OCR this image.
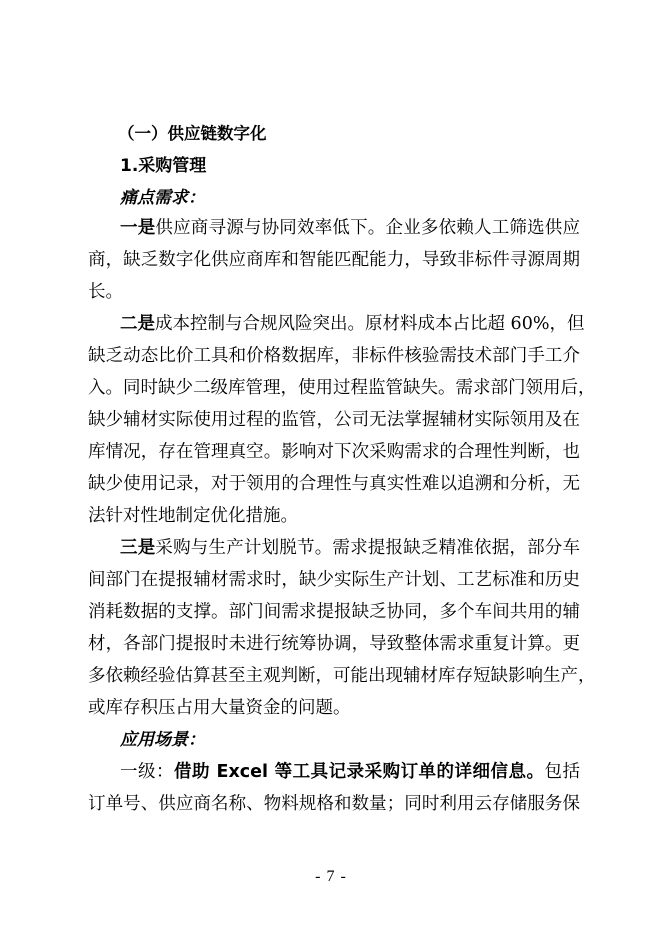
（一）供应链数字化
1.采购管理
痛点需求：
一是供应商寻源与协同效率低下。企业多依赖人工筛选供应
商，缺乏数字化供应商库和智能匹配能力，导致非标件寻源周期
长。
二是成本控制与合规风险突出。原材料成本占比超 60%，但
缺乏动态比价工具和价格数据库，非标件核验需技术部门手工介
入。同时缺少二级库管理，使用过程监管缺失。需求部门领用后，
缺少辅材实际使用过程的监管，公司无法掌握辅材实际领用及在
库情况，存在管理真空。影响对下次采购需求的合理性判断，也
缺少使用记录，对于领用的合理性与真实性难以追溯和分析，无
法针对性地制定优化措施。
三是采购与生产计划脱节。需求提报缺乏精准依据，部分车
间部门在提报辅材需求时，缺少实际生产计划、工艺标准和历史
消耗数据的支撑。部门间需求提报缺乏协同，多个车间共用的辅
材，各部门提报时未进行统筹协调，导致整体需求重复计算。更
多依赖经验估算甚至主观判断，可能出现辅材库存短缺影响生产，
或库存积压占用大量资金的问题。
应用场景：
一级：借助 Excel 等工具记录采购订单的详细信息。包括
订单号、供应商名称、物料规格和数量；同时利用云存储服务保
- 7 -
